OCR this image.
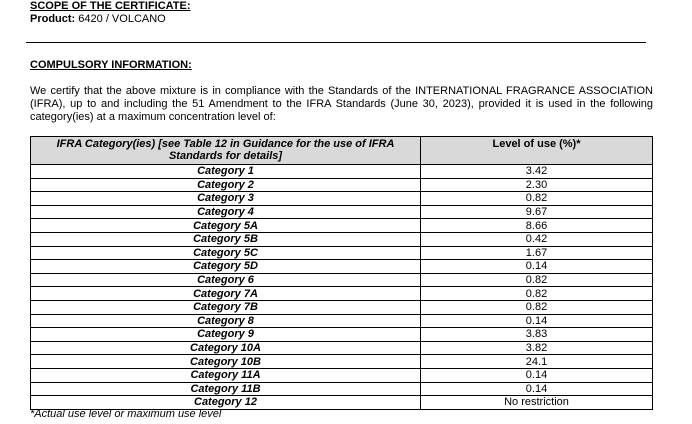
SCOPE OF THE CERTIFICATE:
Product: 6420 / VOLCANO
COMPULSORY INFORMATION:
We certify that the above mixture is in compliance with the Standards of the INTERNATIONAL FRAGRANCE ASSOCIATION (IFRA), up to and including the 51 Amendment to the IFRA Standards (June 30, 2023), provided it is used in the following category(ies) at a maximum concentration level of:
IFRA Category(ies) [see Table 12 in Guidance for the use of IFRA Standards for details]	Level of use (%)*
Category 1	3.42
Category 2	2.30
Category 3	0.82
Category 4	9.67
Category 5A	8.66
Category 5B	0.42
Category 5C	1.67
Category 5D	0.14
Category 6	0.82
Category 7A	0.82
Category 7B	0.82
Category 8	0.14
Category 9	3.83
Category 10A	3.82
Category 10B	24.1
Category 11A	0.14
Category 11B	0.14
Category 12	No restriction
*Actual use level or maximum use level
